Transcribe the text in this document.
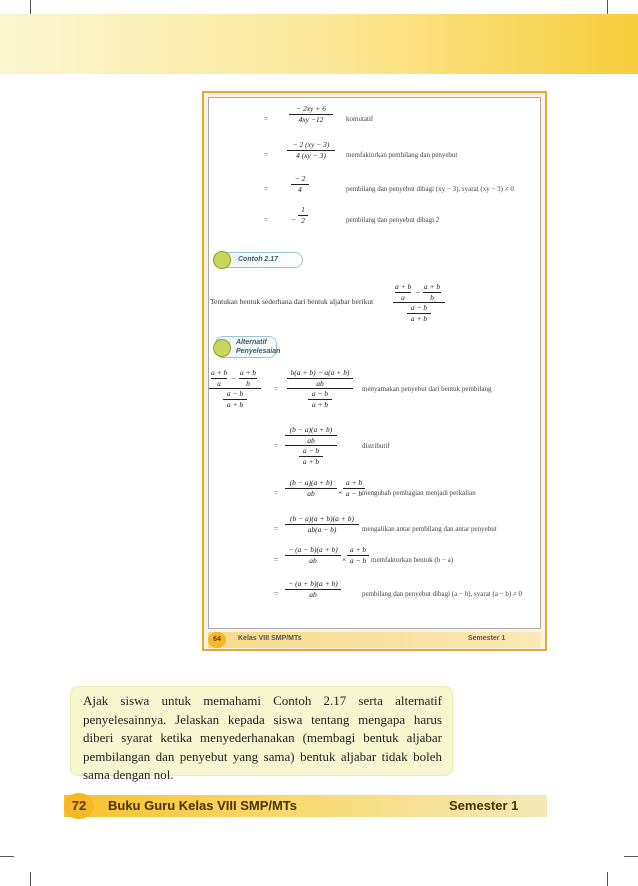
=
− 2xy + 6
4xy −12	komutatif
=
− 2 (xy − 3)
4 (xy − 3)	memfaktorkan pembilang dan penyebut
=
− 2
4	pembilang dan penyebut dibagi (xy − 3), syarat (xy − 3) ≠ 0
=	−
1
2	pembilang dan penyebut dibagi 2
Contoh 2.17
Tentukan bentuk sederhana dari bentuk aljabar berikut
a + b
a
−
a + b
b
a − b
a + b
Alternatif
Penyelesaian
a + b
a
−
a + b
b
a − b
a + b
=
b(a + b) − a(a + b)
ab
a − b
a + b
menyamakan penyebut dari bentuk pembilang
=
(b − a)(a + b)
ab
a − b
a + b
distributif
=
(b − a)(a + b)
ab	×
a + b
a − b mengubah pembagian menjadi perkalian
=
(b − a)(a + b)(a + b)
ab(a − b)	mengalikan antar pembilang dan antar penyebut
=
− (a − b)(a + b)
ab	×
a + b
a − b memfaktorkan bentuk (b − a)
=
− (a + b)(a + b)
ab	pembilang dan penyebut dibagi (a − b), syarat (a − b) ≠ 0
64	Kelas VIII SMP/MTs	Semester 1

Ajak siswa untuk memahami Contoh 2.17 serta alternatif penyelesainnya. Jelaskan kepada siswa tentang mengapa harus diberi syarat ketika menyederhanakan (membagi bentuk aljabar pembilangan dan penyebut yang sama) bentuk aljabar tidak boleh sama dengan nol.

72	Buku Guru Kelas VIII SMP/MTs	Semester 1
